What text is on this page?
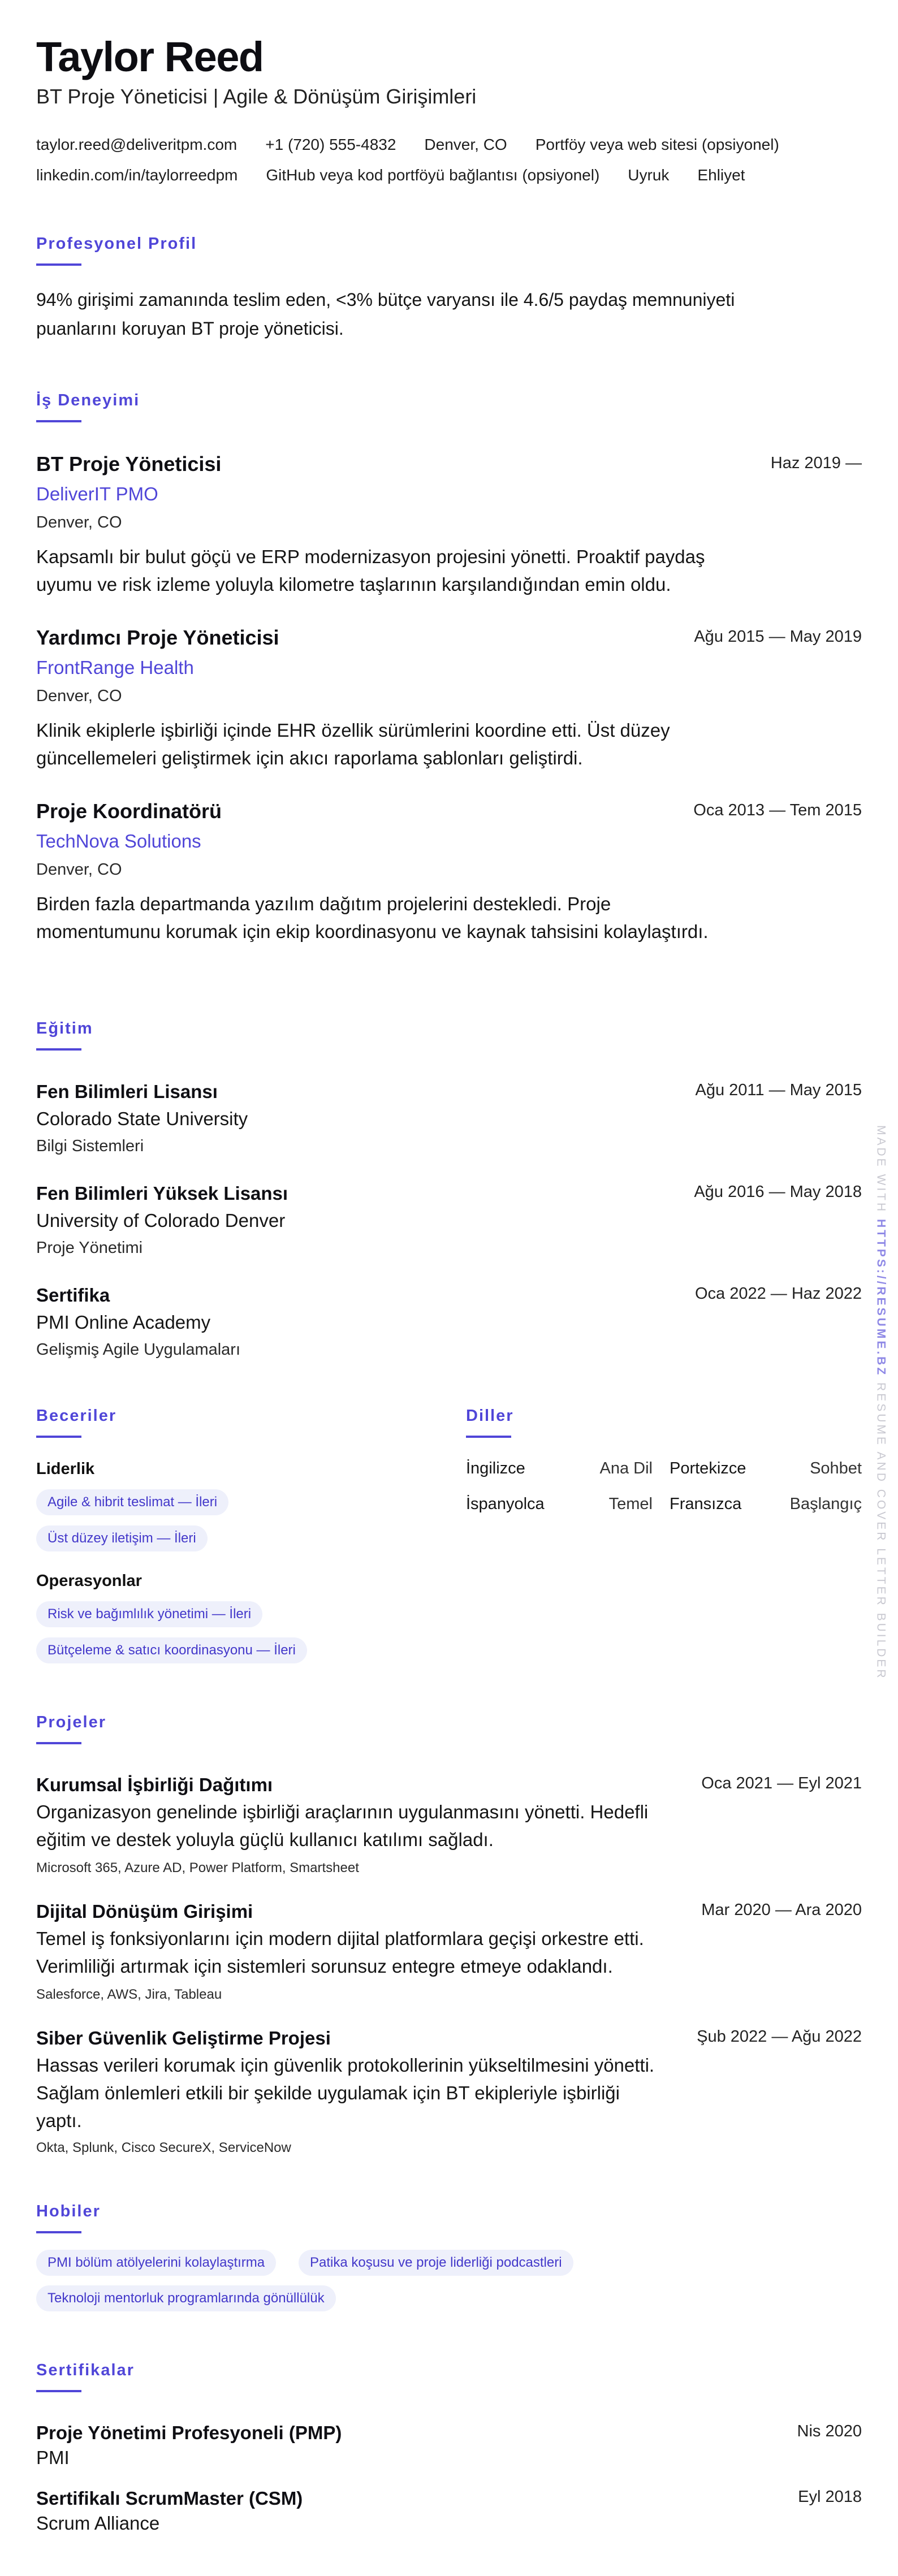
Taylor Reed
BT Proje Yöneticisi | Agile & Dönüşüm Girişimleri
taylor.reed@deliveritpm.com +1 (720) 555-4832 Denver, CO Portföy veya web sitesi (opsiyonel)
linkedin.com/in/taylorreedpm GitHub veya kod portföyü bağlantısı (opsiyonel) Uyruk Ehliyet
Profesyonel Profil
94% girişimi zamanında teslim eden, <3% bütçe varyansı ile 4.6/5 paydaş memnuniyeti puanlarını koruyan BT proje yöneticisi.
İş Deneyimi
BT Proje Yöneticisi	Haz 2019 —
DeliverIT PMO
Denver, CO
Kapsamlı bir bulut göçü ve ERP modernizasyon projesini yönetti. Proaktif paydaş uyumu ve risk izleme yoluyla kilometre taşlarının karşılandığından emin oldu.
Yardımcı Proje Yöneticisi	Ağu 2015 — May 2019
FrontRange Health
Denver, CO
Klinik ekiplerle işbirliği içinde EHR özellik sürümlerini koordine etti. Üst düzey güncellemeleri geliştirmek için akıcı raporlama şablonları geliştirdi.
Proje Koordinatörü	Oca 2013 — Tem 2015
TechNova Solutions
Denver, CO
Birden fazla departmanda yazılım dağıtım projelerini destekledi. Proje momentumunu korumak için ekip koordinasyonu ve kaynak tahsisini kolaylaştırdı.
Eğitim
Fen Bilimleri Lisansı	Ağu 2011 — May 2015
Colorado State University
Bilgi Sistemleri
Fen Bilimleri Yüksek Lisansı	Ağu 2016 — May 2018
University of Colorado Denver
Proje Yönetimi
Sertifika	Oca 2022 — Haz 2022
PMI Online Academy
Gelişmiş Agile Uygulamaları
Beceriler
Liderlik
Agile & hibrit teslimat — İleri
Üst düzey iletişim — İleri
Operasyonlar
Risk ve bağımlılık yönetimi — İleri
Bütçeleme & satıcı koordinasyonu — İleri
Diller
İngilizce	Ana Dil Portekizce	Sohbet
İspanyolca	Temel Fransızca	Başlangıç
Projeler
Kurumsal İşbirliği Dağıtımı	Oca 2021 — Eyl 2021
Organizasyon genelinde işbirliği araçlarının uygulanmasını yönetti. Hedefli eğitim ve destek yoluyla güçlü kullanıcı katılımı sağladı.
Microsoft 365, Azure AD, Power Platform, Smartsheet
Dijital Dönüşüm Girişimi	Mar 2020 — Ara 2020
Temel iş fonksiyonlarını için modern dijital platformlara geçişi orkestre etti. Verimliliği artırmak için sistemleri sorunsuz entegre etmeye odaklandı.
Salesforce, AWS, Jira, Tableau
Siber Güvenlik Geliştirme Projesi	Şub 2022 — Ağu 2022
Hassas verileri korumak için güvenlik protokollerinin yükseltilmesini yönetti. Sağlam önlemleri etkili bir şekilde uygulamak için BT ekipleriyle işbirliği yaptı.
Okta, Splunk, Cisco SecureX, ServiceNow
Hobiler
PMI bölüm atölyelerini kolaylaştırma	Patika koşusu ve proje liderliği podcastleri
Teknoloji mentorluk programlarında gönüllülük
Sertifikalar
Proje Yönetimi Profesyoneli (PMP)	Nis 2020
PMI
Sertifikalı ScrumMaster (CSM)	Eyl 2018
Scrum Alliance
MADE WITH HTTPS://RESUME.BZ RESUME AND COVER LETTER BUILDER
